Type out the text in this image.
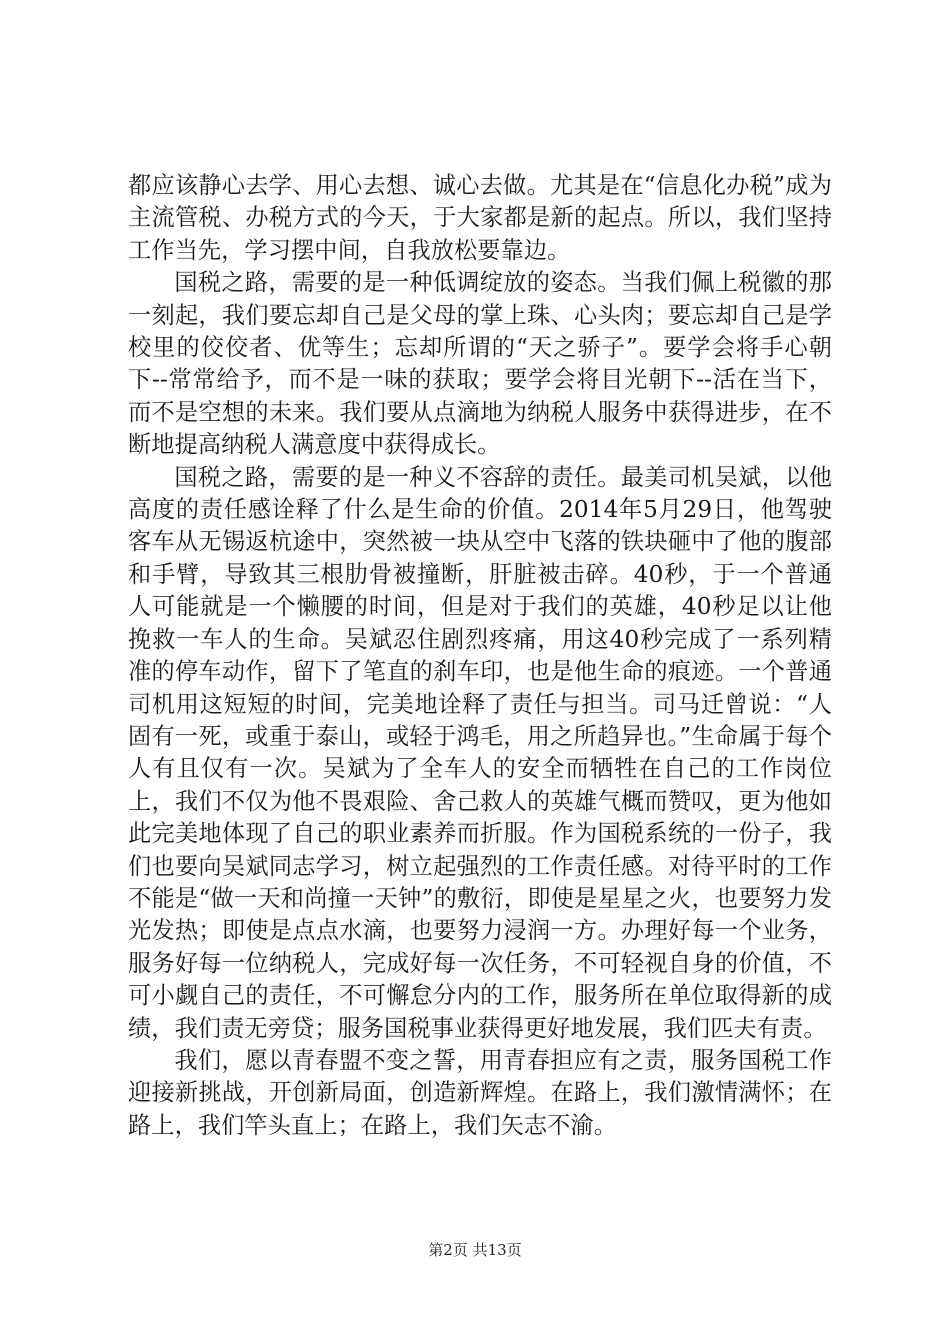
都应该静心去学、用心去想、诚心去做。尤其是在“信息化办税”成为主流管税、办税方式的今天，于大家都是新的起点。所以，我们坚持工作当先，学习摆中间，自我放松要靠边。

国税之路，需要的是一种低调绽放的姿态。当我们佩上税徽的那一刻起，我们要忘却自己是父母的掌上珠、心头肉；要忘却自己是学校里的佼佼者、优等生；忘却所谓的“天之骄子”。要学会将手心朝下--常常给予，而不是一味的获取；要学会将目光朝下--活在当下，而不是空想的未来。我们要从点滴地为纳税人服务中获得进步，在不断地提高纳税人满意度中获得成长。

国税之路，需要的是一种义不容辞的责任。最美司机吴斌，以他高度的责任感诠释了什么是生命的价值。2014年5月29日，他驾驶客车从无锡返杭途中，突然被一块从空中飞落的铁块砸中了他的腹部和手臂，导致其三根肋骨被撞断，肝脏被击碎。40秒，于一个普通人可能就是一个懒腰的时间，但是对于我们的英雄，40秒足以让他挽救一车人的生命。吴斌忍住剧烈疼痛，用这40秒完成了一系列精准的停车动作，留下了笔直的刹车印，也是他生命的痕迹。一个普通司机用这短短的时间，完美地诠释了责任与担当。司马迁曾说：“人固有一死，或重于泰山，或轻于鸿毛，用之所趋异也。”生命属于每个人有且仅有一次。吴斌为了全车人的安全而牺牲在自己的工作岗位上，我们不仅为他不畏艰险、舍己救人的英雄气概而赞叹，更为他如此完美地体现了自己的职业素养而折服。作为国税系统的一份子，我们也要向吴斌同志学习，树立起强烈的工作责任感。对待平时的工作不能是“做一天和尚撞一天钟”的敷衍，即使是星星之火，也要努力发光发热；即使是点点水滴，也要努力浸润一方。办理好每一个业务，服务好每一位纳税人，完成好每一次任务，不可轻视自身的价值，不可小觑自己的责任，不可懈怠分内的工作，服务所在单位取得新的成绩，我们责无旁贷；服务国税事业获得更好地发展，我们匹夫有责。

我们，愿以青春盟不变之誓，用青春担应有之责，服务国税工作迎接新挑战，开创新局面，创造新辉煌。在路上，我们激情满怀；在路上，我们竿头直上；在路上，我们矢志不渝。

第2页 共13页
